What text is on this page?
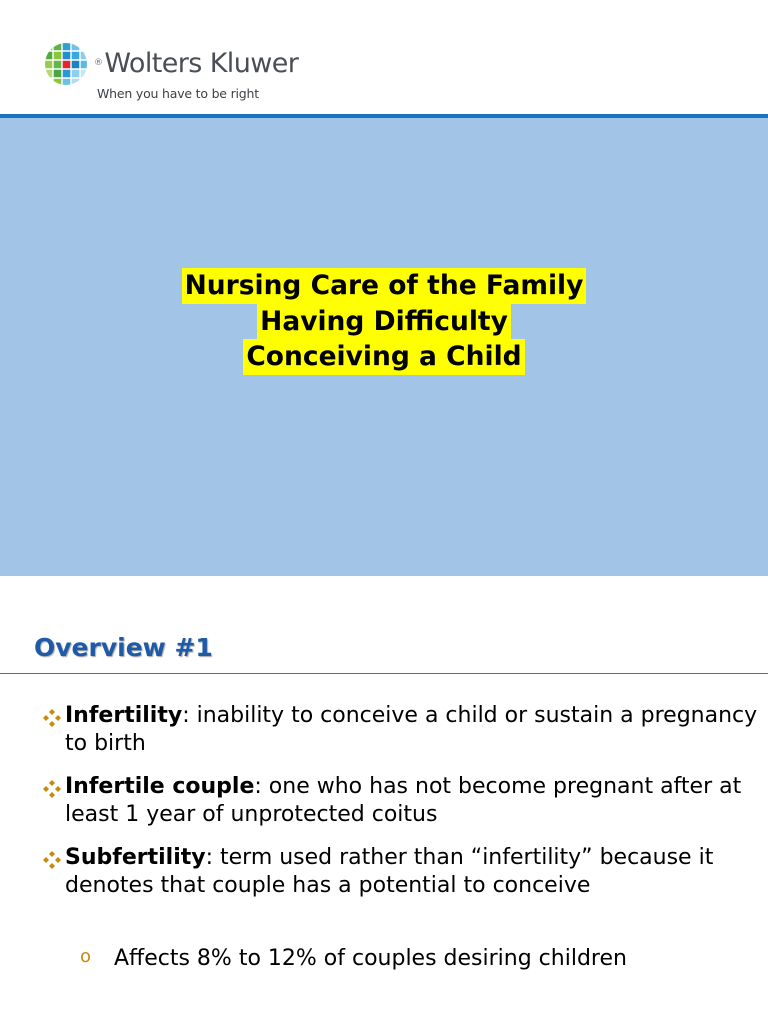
®Wolters Kluwer
When you have to be right
Nursing Care of the Family
Having Difficulty
Conceiving a Child
Overview #1
Infertility: inability to conceive a child or sustain a pregnancy to birth
Infertile couple: one who has not become pregnant after at least 1 year of unprotected coitus
Subfertility: term used rather than “infertility” because it denotes that couple has a potential to conceive
o Affects 8% to 12% of couples desiring children
